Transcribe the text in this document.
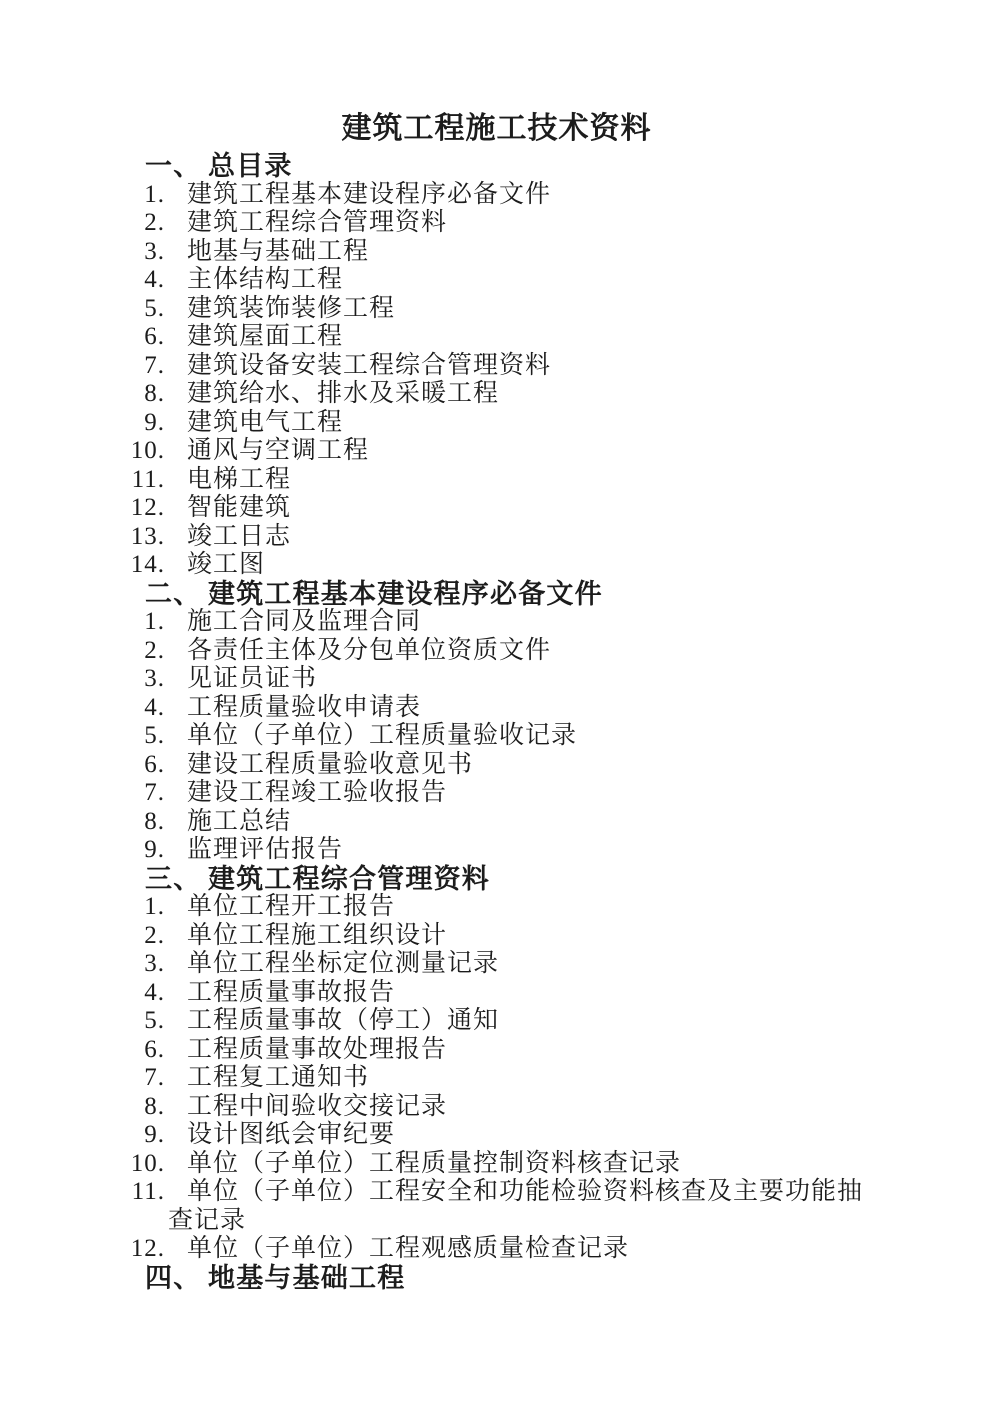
建筑工程施工技术资料
一、 总目录
1. 建筑工程基本建设程序必备文件
2. 建筑工程综合管理资料
3. 地基与基础工程
4. 主体结构工程
5. 建筑装饰装修工程
6. 建筑屋面工程
7. 建筑设备安装工程综合管理资料
8. 建筑给水、排水及采暖工程
9. 建筑电气工程
10. 通风与空调工程
11. 电梯工程
12. 智能建筑
13. 竣工日志
14. 竣工图
二、 建筑工程基本建设程序必备文件
1. 施工合同及监理合同
2. 各责任主体及分包单位资质文件
3. 见证员证书
4. 工程质量验收申请表
5. 单位（子单位）工程质量验收记录
6. 建设工程质量验收意见书
7. 建设工程竣工验收报告
8. 施工总结
9. 监理评估报告
三、 建筑工程综合管理资料
1. 单位工程开工报告
2. 单位工程施工组织设计
3. 单位工程坐标定位测量记录
4. 工程质量事故报告
5. 工程质量事故（停工）通知
6. 工程质量事故处理报告
7. 工程复工通知书
8. 工程中间验收交接记录
9. 设计图纸会审纪要
10. 单位（子单位）工程质量控制资料核查记录
11. 单位（子单位）工程安全和功能检验资料核查及主要功能抽
查记录
12. 单位（子单位）工程观感质量检查记录
四、 地基与基础工程
